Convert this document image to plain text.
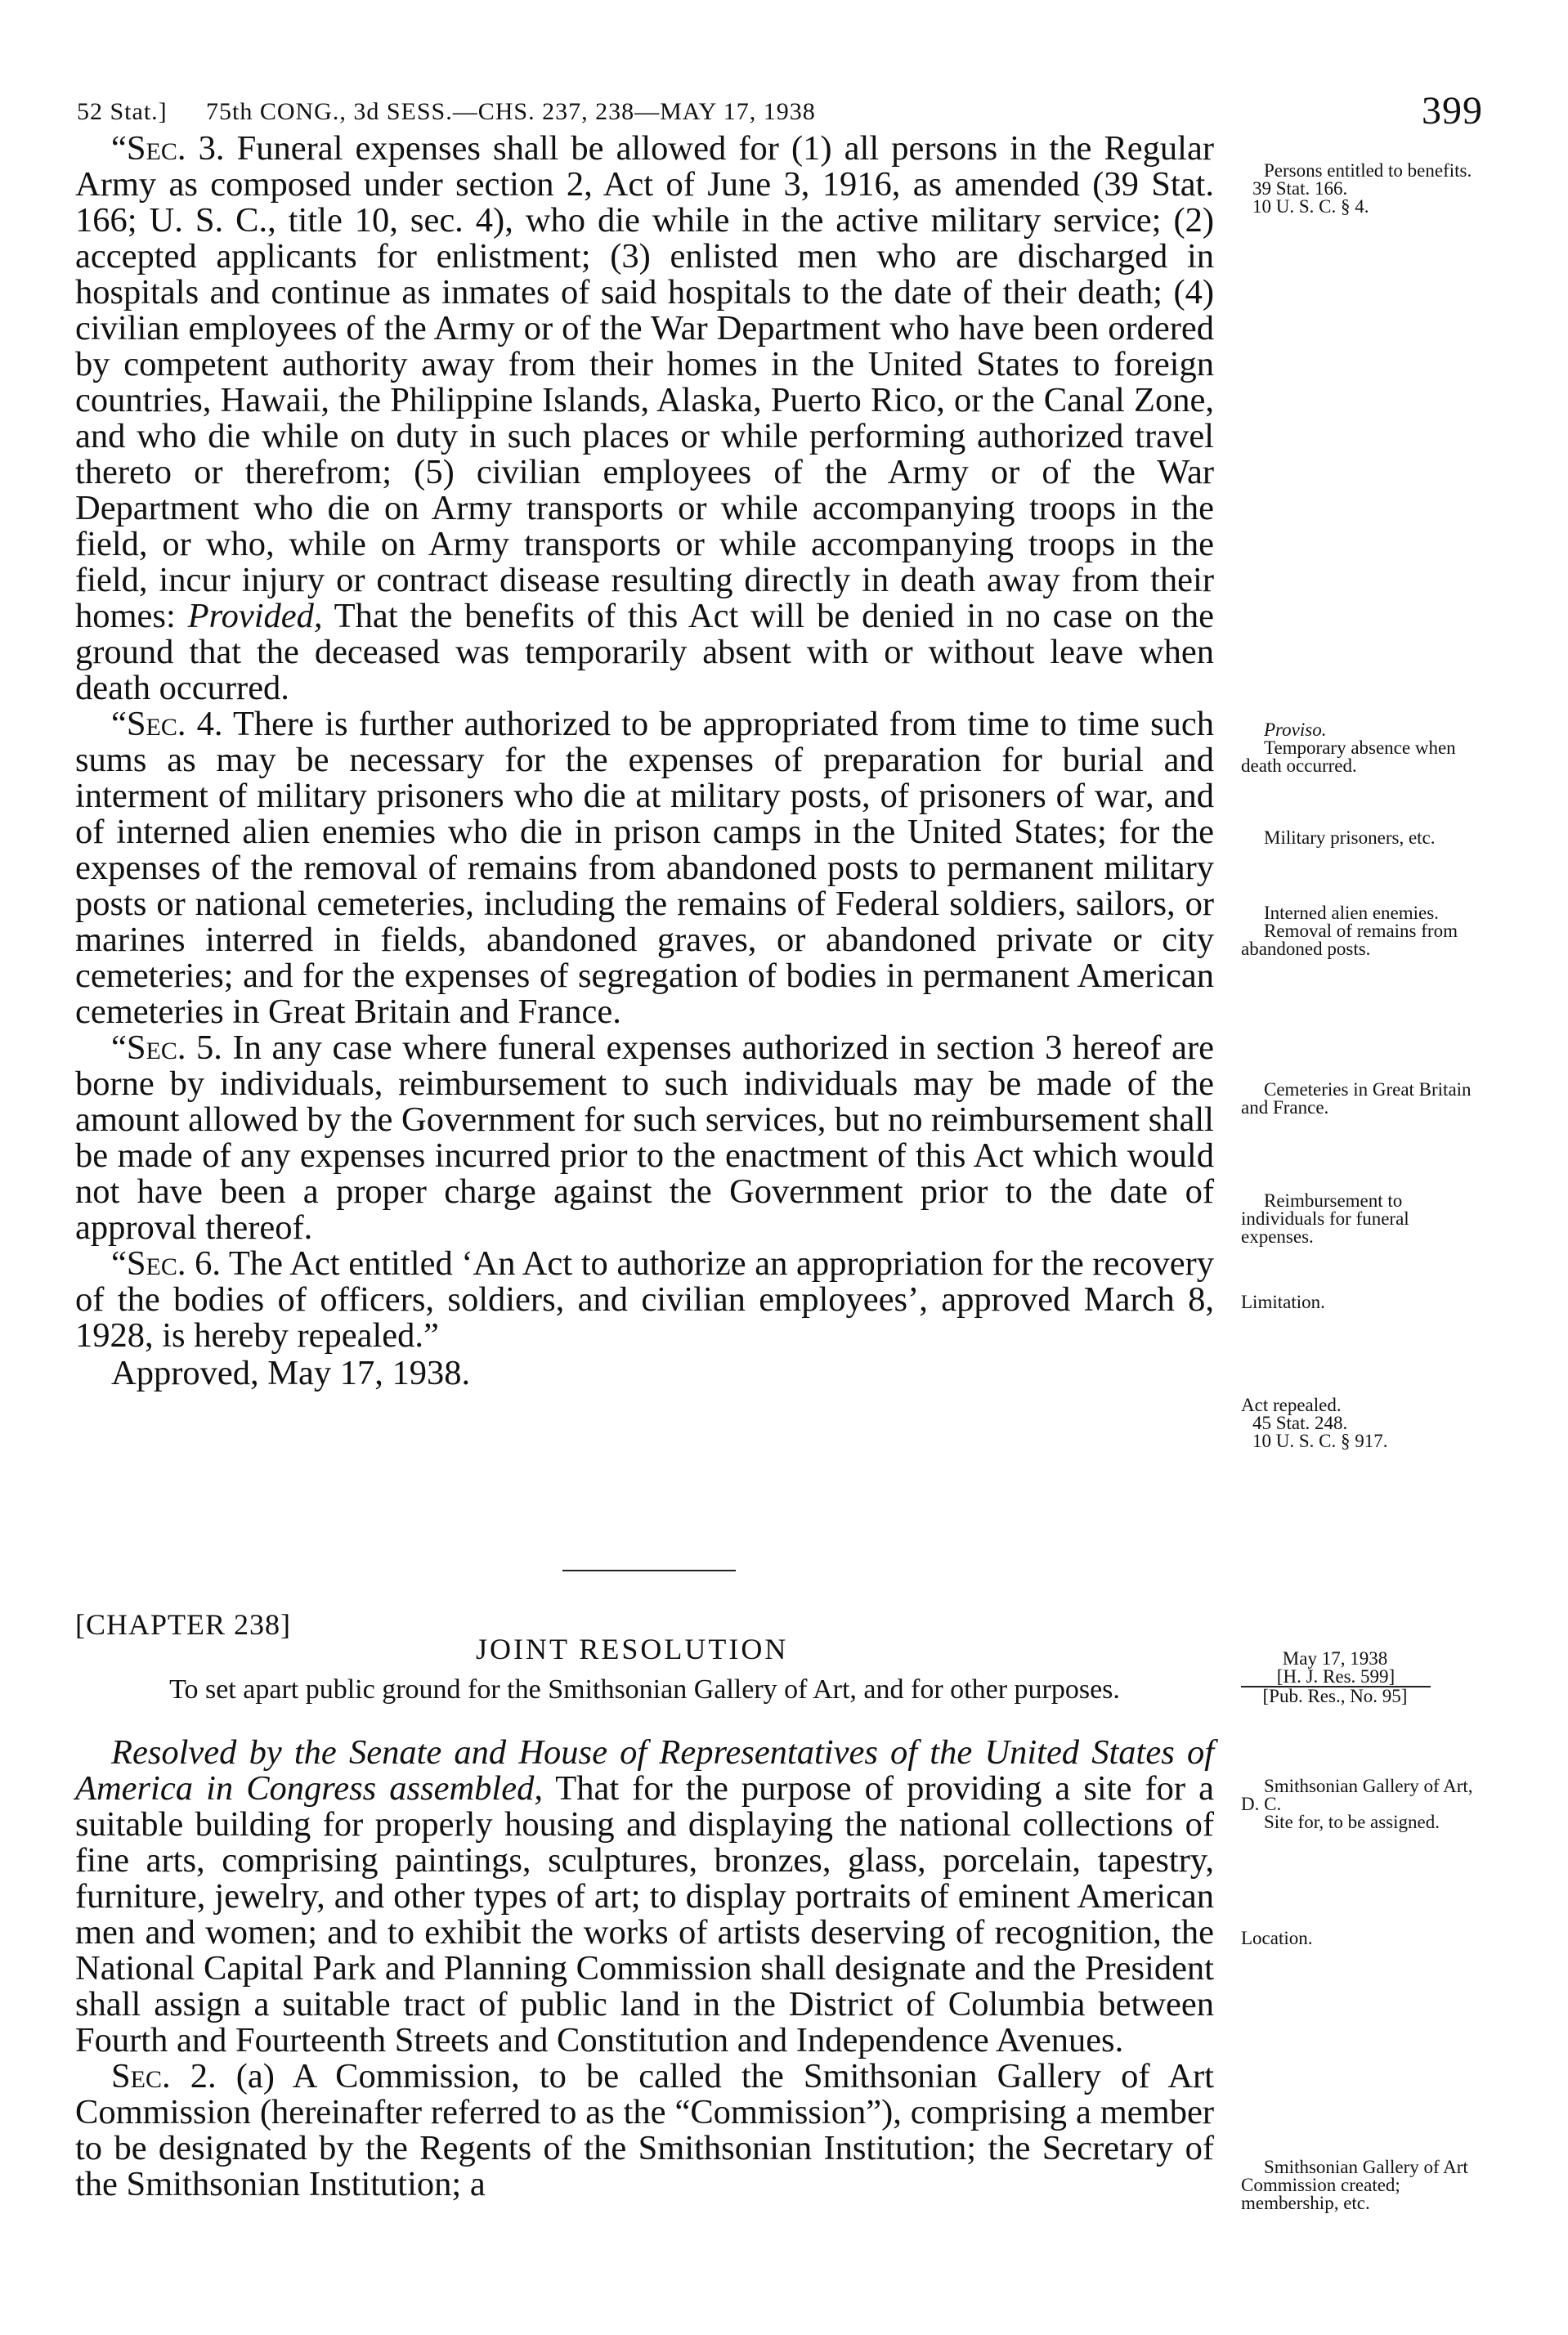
52 Stat.] 75th CONG., 3d SESS.—CHS. 237, 238—MAY 17, 1938	399

“Sec. 3. Funeral expenses shall be allowed for (1) all persons in the Regular Army as composed under section 2, Act of June 3, 1916, as amended (39 Stat. 166; U. S. C., title 10, sec. 4), who die while in the active military service; (2) accepted applicants for enlistment; (3) enlisted men who are discharged in hospitals and continue as inmates of said hospitals to the date of their death; (4) civilian employees of the Army or of the War Department who have been ordered by competent authority away from their homes in the United States to foreign countries, Hawaii, the Philippine Islands, Alaska, Puerto Rico, or the Canal Zone, and who die while on duty in such places or while performing authorized travel thereto or therefrom; (5) civilian employees of the Army or of the War Department who die on Army transports or while accompanying troops in the field, or who, while on Army transports or while accompanying troops in the field, incur injury or contract disease resulting directly in death away from their homes: Provided, That the benefits of this Act will be denied in no case on the ground that the deceased was temporarily absent with or without leave when death occurred.

“Sec. 4. There is further authorized to be appropriated from time to time such sums as may be necessary for the expenses of preparation for burial and interment of military prisoners who die at military posts, of prisoners of war, and of interned alien enemies who die in prison camps in the United States; for the expenses of the removal of remains from abandoned posts to permanent military posts or national cemeteries, including the remains of Federal soldiers, sailors, or marines interred in fields, abandoned graves, or abandoned private or city cemeteries; and for the expenses of segregation of bodies in permanent American cemeteries in Great Britain and France.

“Sec. 5. In any case where funeral expenses authorized in section 3 hereof are borne by individuals, reimbursement to such individuals may be made of the amount allowed by the Government for such services, but no reimbursement shall be made of any expenses incurred prior to the enactment of this Act which would not have been a proper charge against the Government prior to the date of approval thereof.

“Sec. 6. The Act entitled ‘An Act to authorize an appropriation for the recovery of the bodies of officers, soldiers, and civilian employees’, approved March 8, 1928, is hereby repealed.”

Approved, May 17, 1938.

[CHAPTER 238]
JOINT RESOLUTION
To set apart public ground for the Smithsonian Gallery of Art, and for other purposes.

Resolved by the Senate and House of Representatives of the United States of America in Congress assembled, That for the purpose of providing a site for a suitable building for properly housing and displaying the national collections of fine arts, comprising paintings, sculptures, bronzes, glass, porcelain, tapestry, furniture, jewelry, and other types of art; to display portraits of eminent American men and women; and to exhibit the works of artists deserving of recognition, the National Capital Park and Planning Commission shall designate and the President shall assign a suitable tract of public land in the District of Columbia between Fourth and Fourteenth Streets and Constitution and Independence Avenues.

Sec. 2. (a) A Commission, to be called the Smithsonian Gallery of Art Commission (hereinafter referred to as the “Commission”), comprising a member to be designated by the Regents of the Smithsonian Institution; the Secretary of the Smithsonian Institution; a

Persons entitled to benefits.
39 Stat. 166.
10 U. S. C. § 4.
Proviso.
Temporary absence when death occurred.
Military prisoners, etc.
Interned alien enemies.
Removal of remains from abandoned posts.
Cemeteries in Great Britain and France.
Reimbursement to individuals for funeral expenses.
Limitation.
Act repealed.
45 Stat. 248.
10 U. S. C. § 917.
May 17, 1938
[H. J. Res. 599]
[Pub. Res., No. 95]
Smithsonian Gallery of Art, D. C.
Site for, to be assigned.
Location.
Smithsonian Gallery of Art Commission created; membership, etc.
